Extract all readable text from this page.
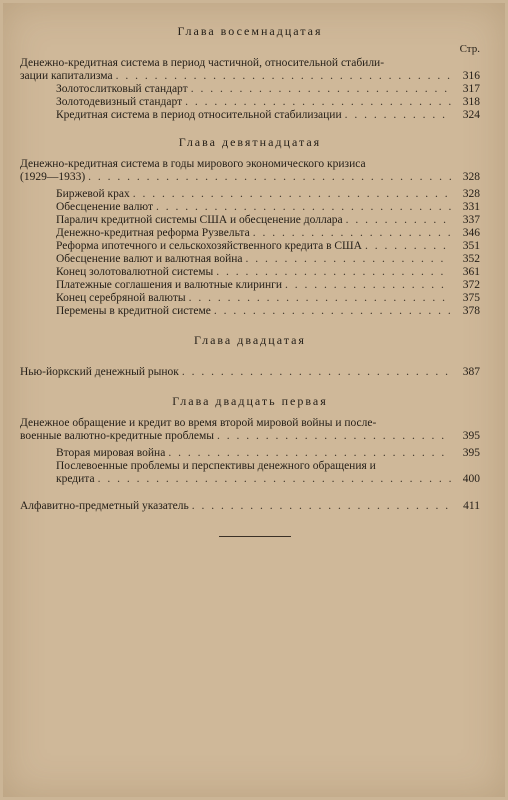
Глава восемнадцатая
Стр.
Денежно-кредитная система в период частичной, относительной стабили-
зации капитализма . . .	316
Золотослитковый стандарт . . .	317
Золотодевизный стандарт . . .	318
Кредитная система в период относительной стабилизации . . .	324
Глава девятнадцатая
Денежно-кредитная система в годы мирового экономического кризиса
(1929—1933) . . .	328
Биржевой крах . . .	328
Обесценение валют . . .	331
Паралич кредитной системы США и обесценение доллара . . .	337
Денежно-кредитная реформа Рузвельта . . .	346
Реформа ипотечного и сельскохозяйственного кредита в США . . .	351
Обесценение валют и валютная война . . .	352
Конец золотовалютной системы . . .	361
Платежные соглашения и валютные клиринги . . .	372
Конец серебряной валюты . . .	375
Перемены в кредитной системе . . .	378
Глава двадцатая
Нью-йоркский денежный рынок . . .	387
Глава двадцать первая
Денежное обращение и кредит во время второй мировой войны и после-
военные валютно-кредитные проблемы . . .	395
Вторая мировая война . . .	395
Послевоенные проблемы и перспективы денежного обращения и
кредита . . .	400
Алфавитно-предметный указатель . . .	411
